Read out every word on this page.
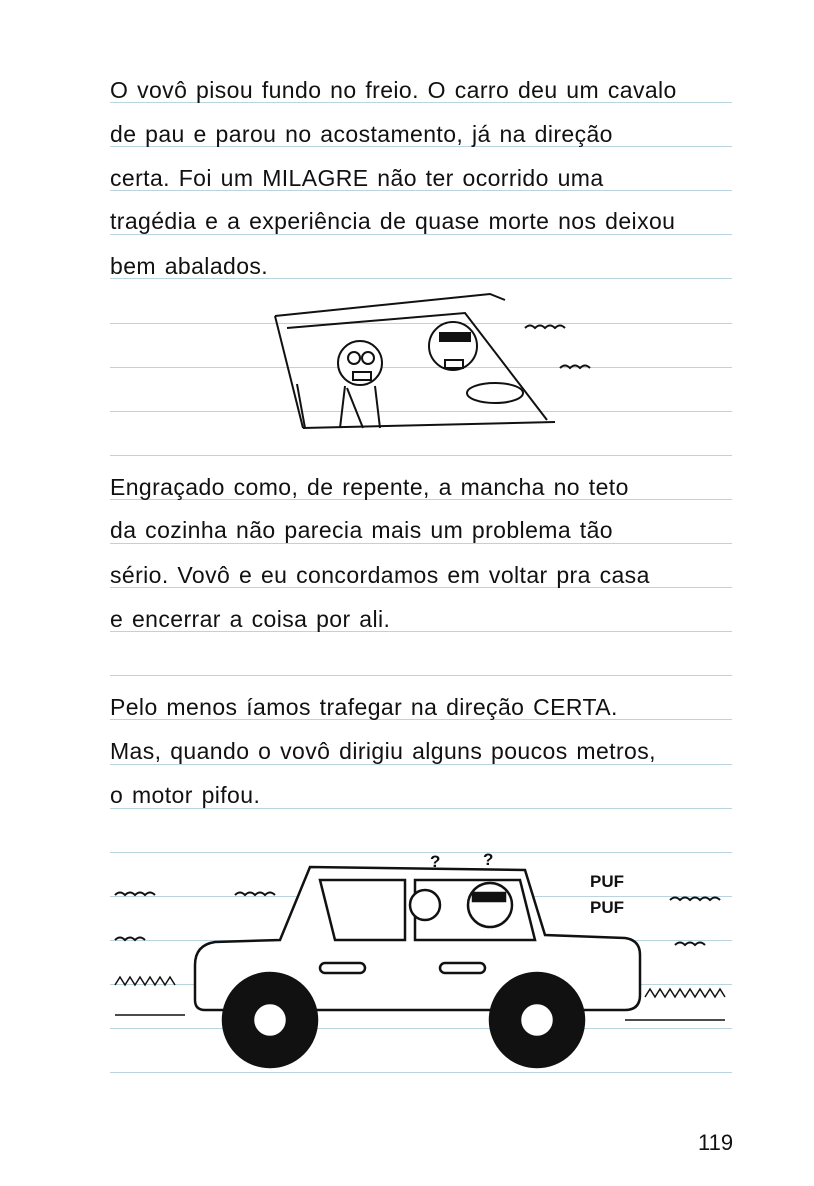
O vovô pisou fundo no freio. O carro deu um cavalo
de pau e parou no acostamento, já na direção
certa. Foi um MILAGRE não ter ocorrido uma
tragédia e a experiência de quase morte nos deixou
bem abalados.
Engraçado como, de repente, a mancha no teto
da cozinha não parecia mais um problema tão
sério. Vovô e eu concordamos em voltar pra casa
e encerrar a coisa por ali.
Pelo menos íamos trafegar na direção CERTA.
Mas, quando o vovô dirigiu alguns poucos metros,
o motor pifou.
?	?
PUF
PUF
119
